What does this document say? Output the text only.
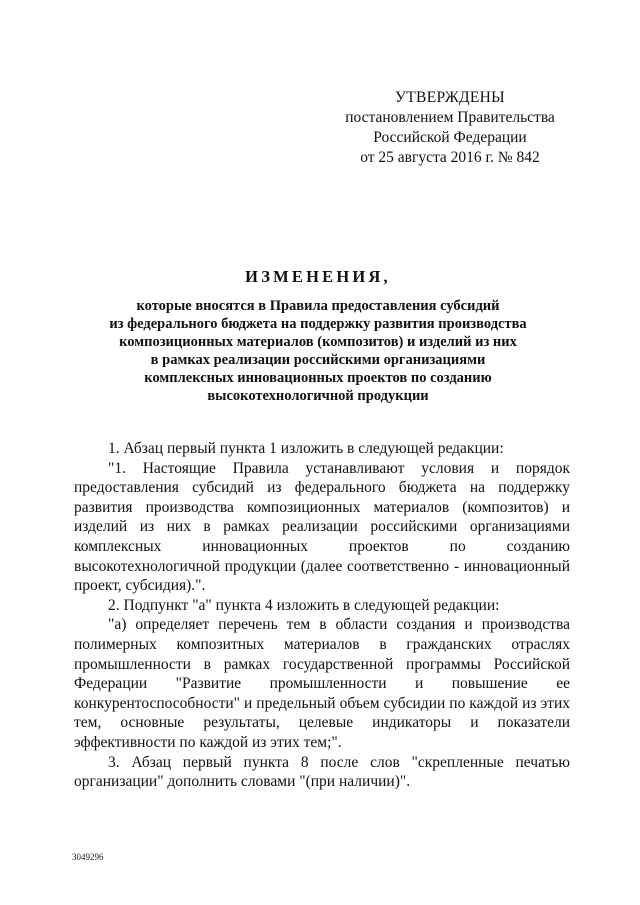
УТВЕРЖДЕНЫ
постановлением Правительства
Российской Федерации
от 25 августа 2016 г. № 842
ИЗМЕНЕНИЯ,
которые вносятся в Правила предоставления субсидий
из федерального бюджета на поддержку развития производства
композиционных материалов (композитов) и изделий из них
в рамках реализации российскими организациями
комплексных инновационных проектов по созданию
высокотехнологичной продукции

1. Абзац первый пункта 1 изложить в следующей редакции:

"1. Настоящие Правила устанавливают условия и порядок предоставления субсидий из федерального бюджета на поддержку развития производства композиционных материалов (композитов) и изделий из них в рамках реализации российскими организациями комплексных инновационных проектов по созданию высокотехнологичной продукции (далее соответственно - инновационный проект, субсидия).".

2. Подпункт "а" пункта 4 изложить в следующей редакции:

"а) определяет перечень тем в области создания и производства полимерных композитных материалов в гражданских отраслях промышленности в рамках государственной программы Российской Федерации "Развитие промышленности и повышение ее конкурентоспособности" и предельный объем субсидии по каждой из этих тем, основные результаты, целевые индикаторы и показатели эффективности по каждой из этих тем;".

3. Абзац первый пункта 8 после слов "скрепленные печатью организации" дополнить словами "(при наличии)".

3049296
